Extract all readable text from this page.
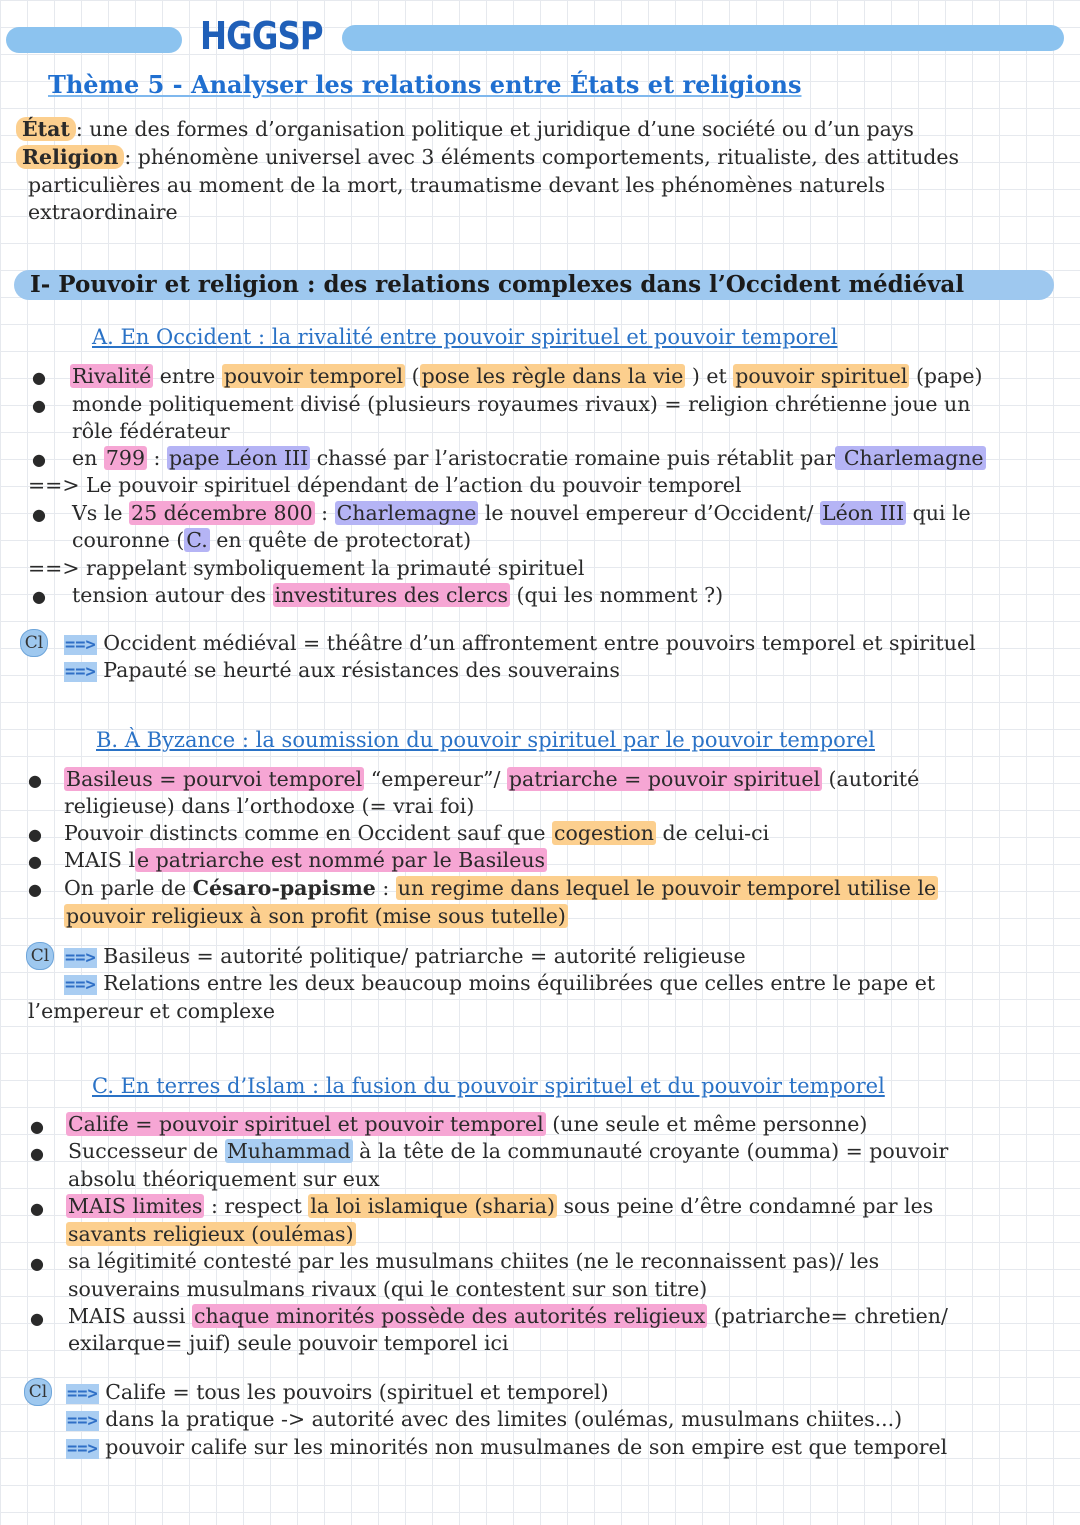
HGGSP
Thème 5 - Analyser les relations entre États et religions
État : une des formes d’organisation politique et juridique d’une société ou d’un pays
Religion : phénomène universel avec 3 éléments comportements, ritualiste, des attitudes
particulières au moment de la mort, traumatisme devant les phénomènes naturels
extraordinaire
I- Pouvoir et religion : des relations complexes dans l’Occident médiéval
A. En Occident : la rivalité entre pouvoir spirituel et pouvoir temporel
● Rivalité entre pouvoir temporel (pose les règle dans la vie ) et pouvoir spirituel (pape)
● monde politiquement divisé (plusieurs royaumes rivaux) = religion chrétienne joue un
rôle fédérateur
● en 799 : pape Léon III chassé par l’aristocratie romaine puis rétablit par Charlemagne
==> Le pouvoir spirituel dépendant de l’action du pouvoir temporel
● Vs le 25 décembre 800 : Charlemagne le nouvel empereur d’Occident/ Léon III qui le
couronne (C. en quête de protectorat)
==> rappelant symboliquement la primauté spirituel
● tension autour des investitures des clercs (qui les nomment ?)
Cl ==> Occident médiéval = théâtre d’un affrontement entre pouvoirs temporel et spirituel
==> Papauté se heurté aux résistances des souverains
B. À Byzance : la soumission du pouvoir spirituel par le pouvoir temporel
● Basileus = pourvoi temporel “empereur”/ patriarche = pouvoir spirituel (autorité
religieuse) dans l’orthodoxe (= vrai foi)
● Pouvoir distincts comme en Occident sauf que cogestion de celui-ci
● MAIS le patriarche est nommé par le Basileus
● On parle de Césaro-papisme : un regime dans lequel le pouvoir temporel utilise le
pouvoir religieux à son profit (mise sous tutelle)
Cl ==> Basileus = autorité politique/ patriarche = autorité religieuse
==> Relations entre les deux beaucoup moins équilibrées que celles entre le pape et
l’empereur et complexe
C. En terres d’Islam : la fusion du pouvoir spirituel et du pouvoir temporel
● Calife = pouvoir spirituel et pouvoir temporel (une seule et même personne)
● Successeur de Muhammad à la tête de la communauté croyante (oumma) = pouvoir
absolu théoriquement sur eux
● MAIS limites : respect la loi islamique (sharia) sous peine d’être condamné par les
savants religieux (oulémas)
● sa légitimité contesté par les musulmans chiites (ne le reconnaissent pas)/ les
souverains musulmans rivaux (qui le contestent sur son titre)
● MAIS aussi chaque minorités possède des autorités religieux (patriarche= chretien/
exilarque= juif) seule pouvoir temporel ici
Cl ==> Calife = tous les pouvoirs (spirituel et temporel)
==> dans la pratique -> autorité avec des limites (oulémas, musulmans chiites...)
==> pouvoir calife sur les minorités non musulmanes de son empire est que temporel
